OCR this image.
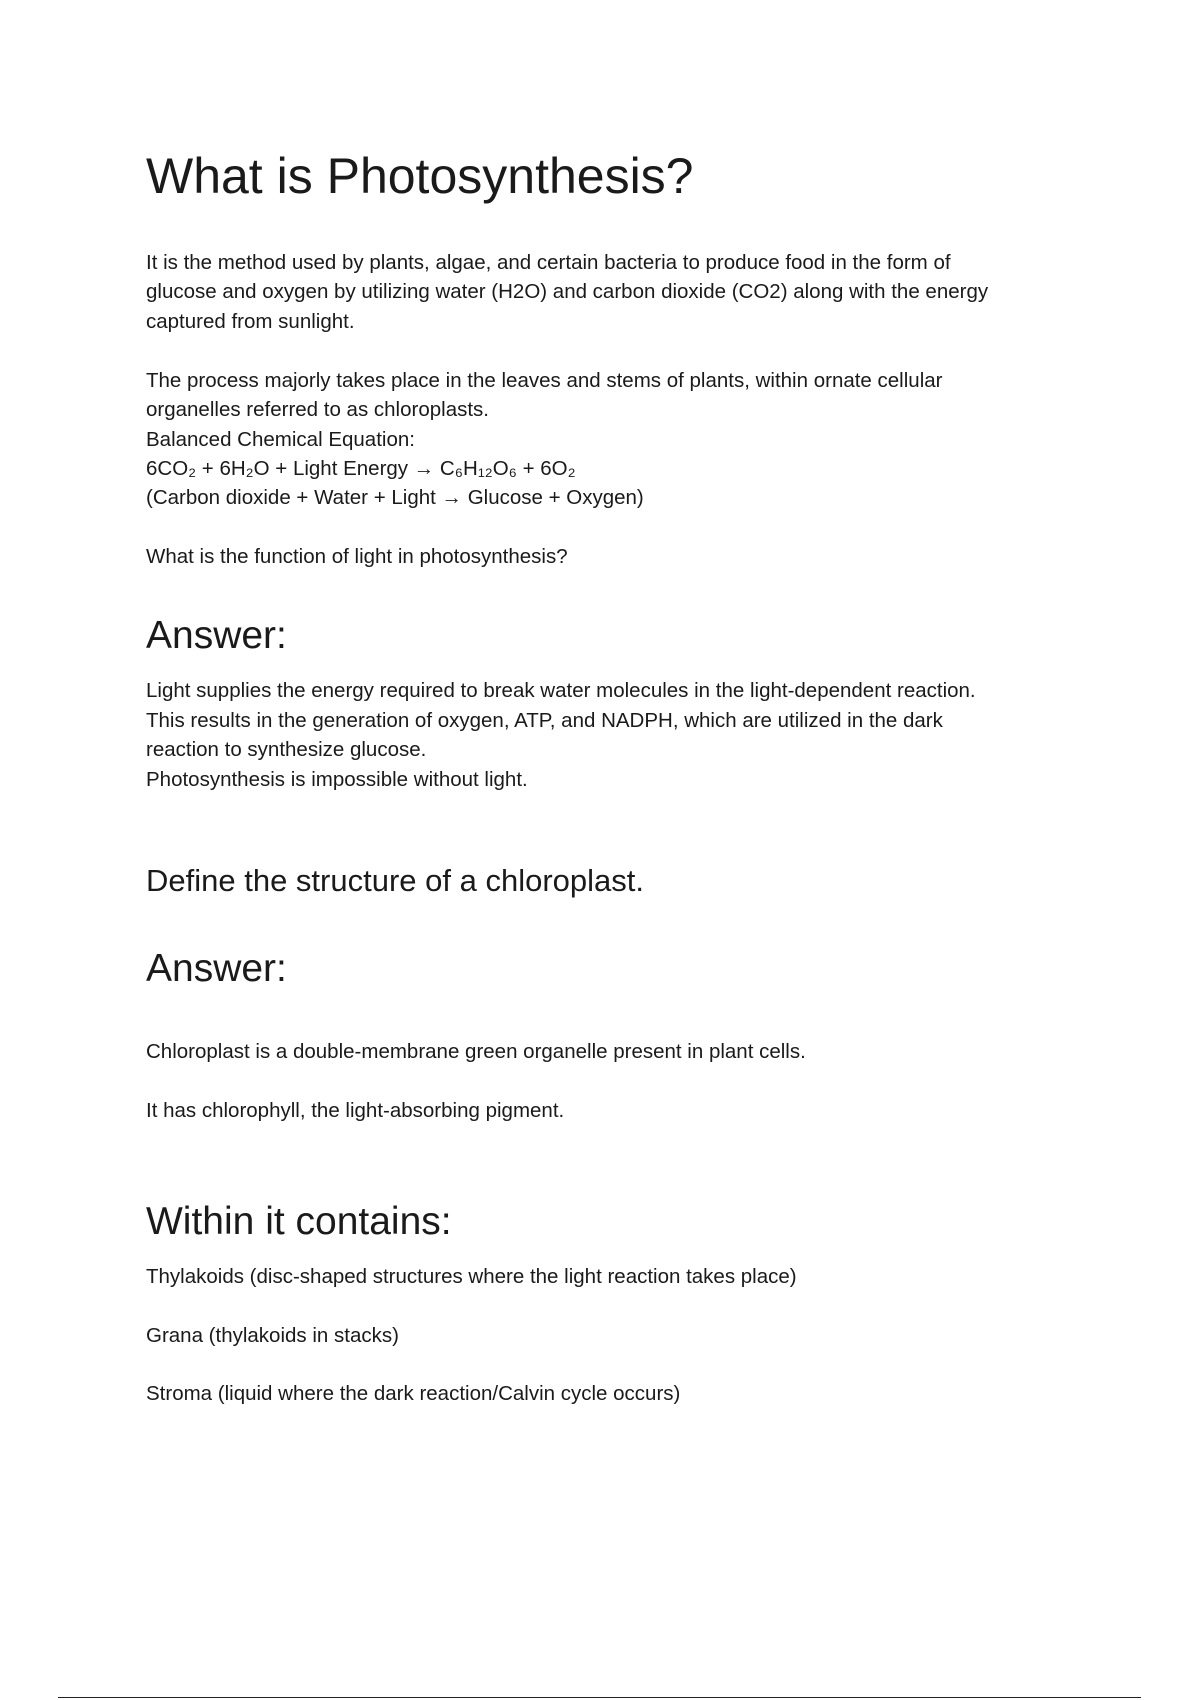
What is Photosynthesis?

It is the method used by plants, algae, and certain bacteria to produce food in the form of

glucose and oxygen by utilizing water (H2O) and carbon dioxide (CO2) along with the energy

captured from sunlight.

The process majorly takes place in the leaves and stems of plants, within ornate cellular

organelles referred to as chloroplasts.

Balanced Chemical Equation:

6CO₂ + 6H₂O + Light Energy → C₆H₁₂O₆ + 6O₂

(Carbon dioxide + Water + Light → Glucose + Oxygen)

What is the function of light in photosynthesis?

Answer:

Light supplies the energy required to break water molecules in the light-dependent reaction.

This results in the generation of oxygen, ATP, and NADPH, which are utilized in the dark

reaction to synthesize glucose.

Photosynthesis is impossible without light.

Define the structure of a chloroplast.
Answer:

Chloroplast is a double-membrane green organelle present in plant cells.

It has chlorophyll, the light-absorbing pigment.

Within it contains:

Thylakoids (disc-shaped structures where the light reaction takes place)

Grana (thylakoids in stacks)

Stroma (liquid where the dark reaction/Calvin cycle occurs)
